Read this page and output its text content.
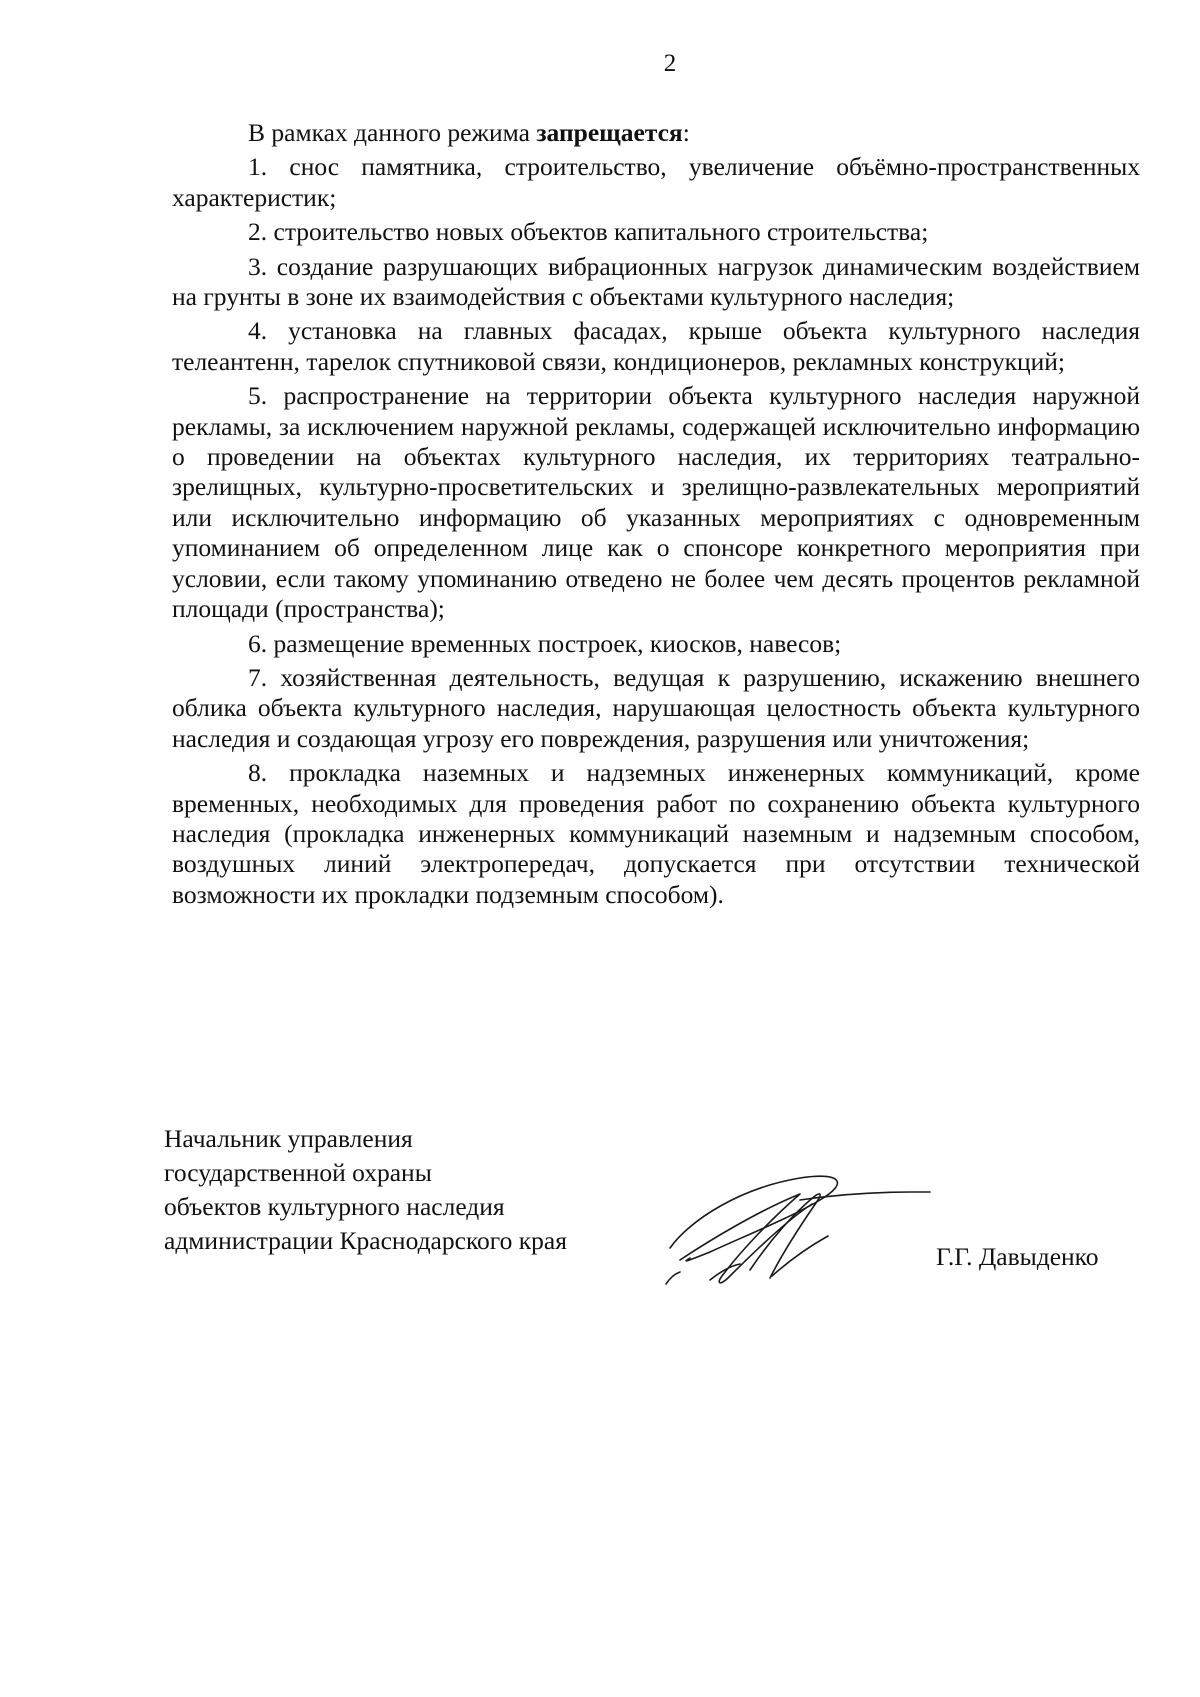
2

В рамках данного режима запрещается:

1. снос памятника, строительство, увеличение объёмно-пространственных характеристик;

2. строительство новых объектов капитального строительства;

3. создание разрушающих вибрационных нагрузок динамическим воздействием на грунты в зоне их взаимодействия с объектами культурного наследия;

4. установка на главных фасадах, крыше объекта культурного наследия телеантенн, тарелок спутниковой связи, кондиционеров, рекламных конструкций;

5. распространение на территории объекта культурного наследия наружной рекламы, за исключением наружной рекламы, содержащей исключительно информацию о проведении на объектах культурного наследия, их территориях театрально-зрелищных, культурно-просветительских и зрелищно-развлекательных мероприятий или исключительно информацию об указанных мероприятиях с одновременным упоминанием об определенном лице как о спонсоре конкретного мероприятия при условии, если такому упоминанию отведено не более чем десять процентов рекламной площади (пространства);

6. размещение временных построек, киосков, навесов;

7. хозяйственная деятельность, ведущая к разрушению, искажению внешнего облика объекта культурного наследия, нарушающая целостность объекта культурного наследия и создающая угрозу его повреждения, разрушения или уничтожения;

8. прокладка наземных и надземных инженерных коммуникаций, кроме временных, необходимых для проведения работ по сохранению объекта культурного наследия (прокладка инженерных коммуникаций наземным и надземным способом, воздушных линий электропередач, допускается при отсутствии технической возможности их прокладки подземным способом).

Начальник управления
государственной охраны
объектов культурного наследия
администрации Краснодарского края
Г.Г. Давыденко
